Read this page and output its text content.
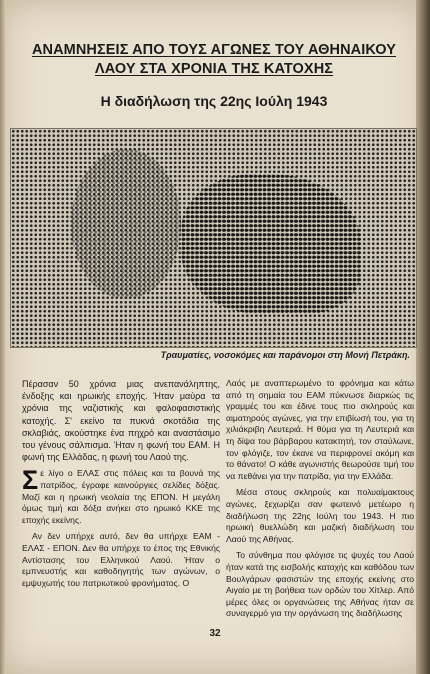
ΑΝΑΜΝΗΣΕΙΣ ΑΠΟ ΤΟΥΣ ΑΓΩΝΕΣ ΤΟΥ ΑΘΗΝΑΙΚΟΥ
ΛΑΟΥ ΣΤΑ ΧΡΟΝΙΑ ΤΗΣ ΚΑΤΟΧΗΣ
Η διαδήλωση της 22ης Ιούλη 1943
Τραυματίες, νοσοκόμες και παράνομοι στη Μονή Πετράκη.

Πέρασαν 50 χρόνια μιας ανεπανάληπτης, ένδοξης και ηρωικής εποχής. Ήταν μαύρα τα χρόνια της ναζιστικής και φαλοφασιστικής κατοχής. Σ' εκείνο τα πυκνά σκοτάδια της σκλαβιάς, ακούστηκε ένα πηχρό και αναστάσιμο του γένους σάλπισμα. Ήταν η φωνή του ΕΑΜ. Η φωνή της Ελλάδας, η φωνή του Λαού της.

Σε λίγο ο ΕΛΑΣ στις πόλεις και τα βουνά της πατρίδος, έγραφε καινούργιες σελίδες δόξας. Μαζί και η ηρωική νεολαία της ΕΠΟΝ. Η μεγάλη όμως τιμή και δόξα ανήκει στο ηρωικό ΚΚΕ της εποχής εκείνης.

Αν δεν υπήρχε αυτό, δεν θα υπήρχε ΕΑΜ - ΕΛΑΣ - ΕΠΟΝ. Δεν θα υπήρχε το έπος της Εθνικής Αντίστασης του Ελληνικού Λαού. Ήταν ο εμπνευστής και καθοδηγητής των αγώνων, ο εμψυχωτής του πατριωτικού φρονήματος. Ο

Λαός με αναπτερωμένο το φρόνημα και κάτω από τη σημαία του ΕΑΜ πύκνωσε διαρκώς τις γραμμές του και έδινε τους πιο σκληρούς και αιματηρούς αγώνες, για την επιβίωσή του, για τη χιλιάκριβη Λευτεριά. Η θύμα για τη Λευτεριά και τη δίψα του βάρβαρου κατακτητή, τον σταύλωνε, τον φλόγιζε, τον έκανε να περιφρονεί ακόμη και το θάνατο! Ο κάθε αγωνιστής θεωρούσε τιμή του να πεθάνει για την πατρίδα, για την Ελλάδα.

Μέσα στους σκληρούς και πολυαίμακτους αγώνες, ξεχωρίζει σαν φωτεινό μετέωρο η διαδήλωση της 22ης Ιούλη του 1943. Η πιο ηρωική θυελλώδη και μαζική διαδήλωση του Λαού της Αθήνας.

Το σύνθημα που φλόγισε τις ψυχές του Λαού ήταν κατά της εισβολής κατοχής και καθόδου των Βουλγάρων φασιστών της εποχής εκείνης στο Αιγαίο με τη βοήθεια των ορδών του Χίτλερ. Από μέρες όλες οι οργανώσεις της Αθήνας ήταν σε συναγερμό για την οργάνωση της διαδήλωσης

32
